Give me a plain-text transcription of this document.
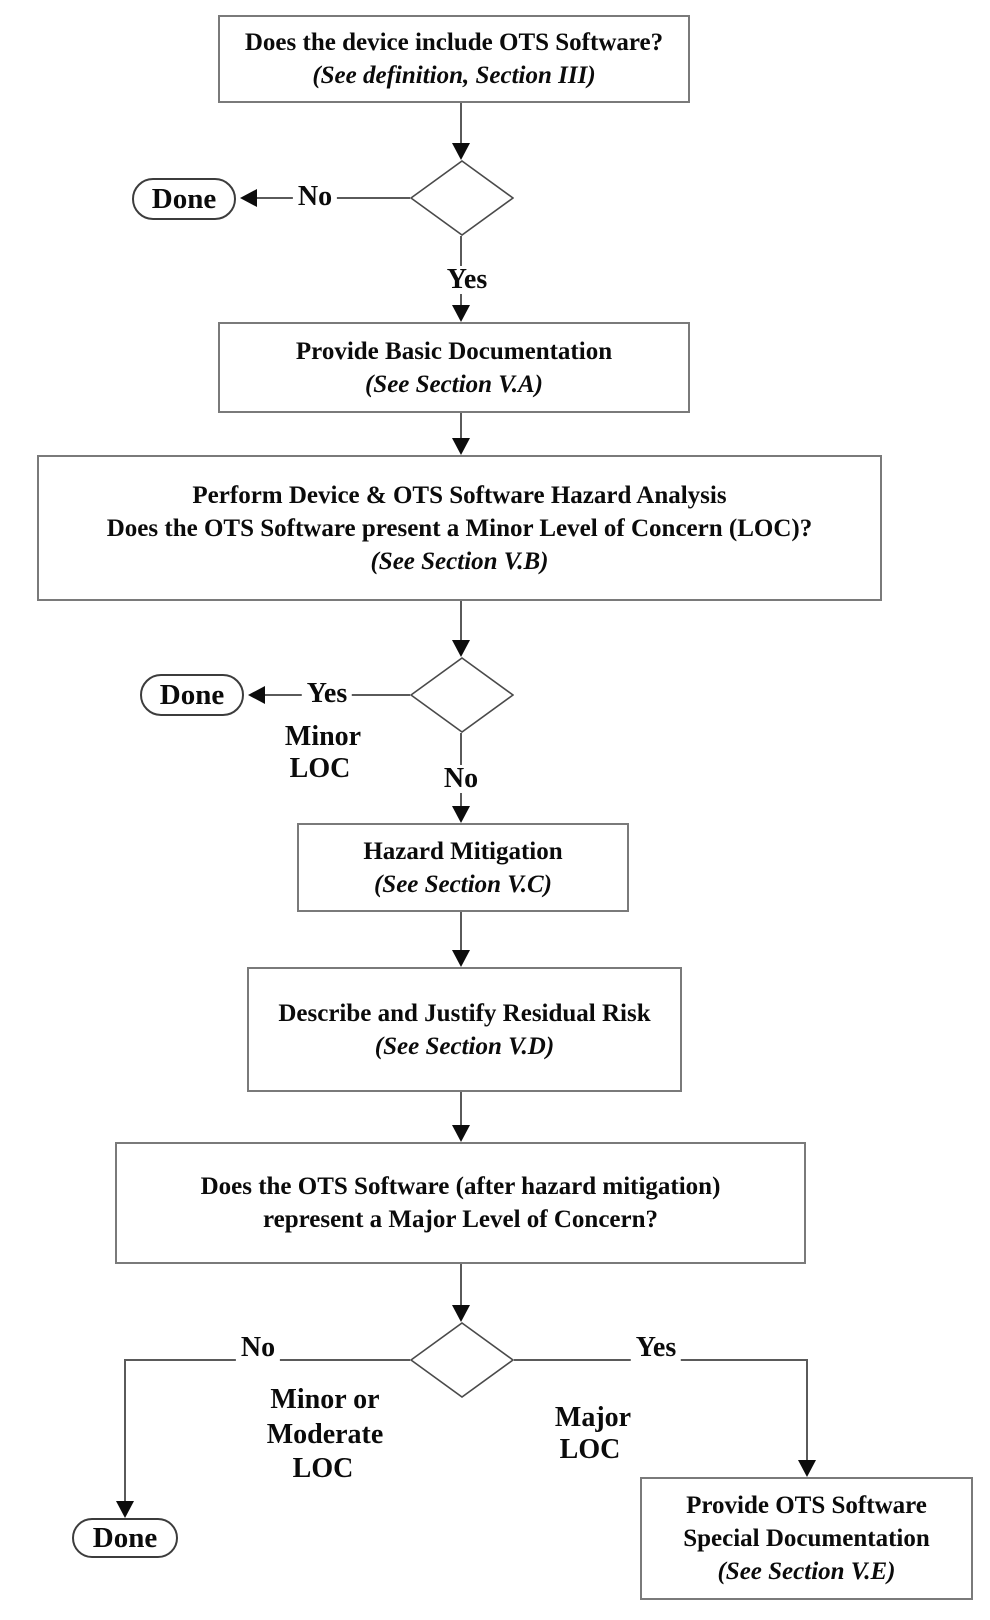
Does the device include OTS Software?
(See definition, Section III)
Provide Basic Documentation
(See Section V.A)
Perform Device & OTS Software Hazard Analysis
Does the OTS Software present a Minor Level of Concern (LOC)?
(See Section V.B)
Hazard Mitigation
(See Section V.C)
Describe and Justify Residual Risk
(See Section V.D)
Does the OTS Software (after hazard mitigation)
represent a Major Level of Concern?
Provide OTS Software
Special Documentation
(See Section V.E)
Done
Done
Done
No
Yes
Yes
Minor
LOC	No
No
Minor or
Moderate
LOC
Yes
Major
LOC
